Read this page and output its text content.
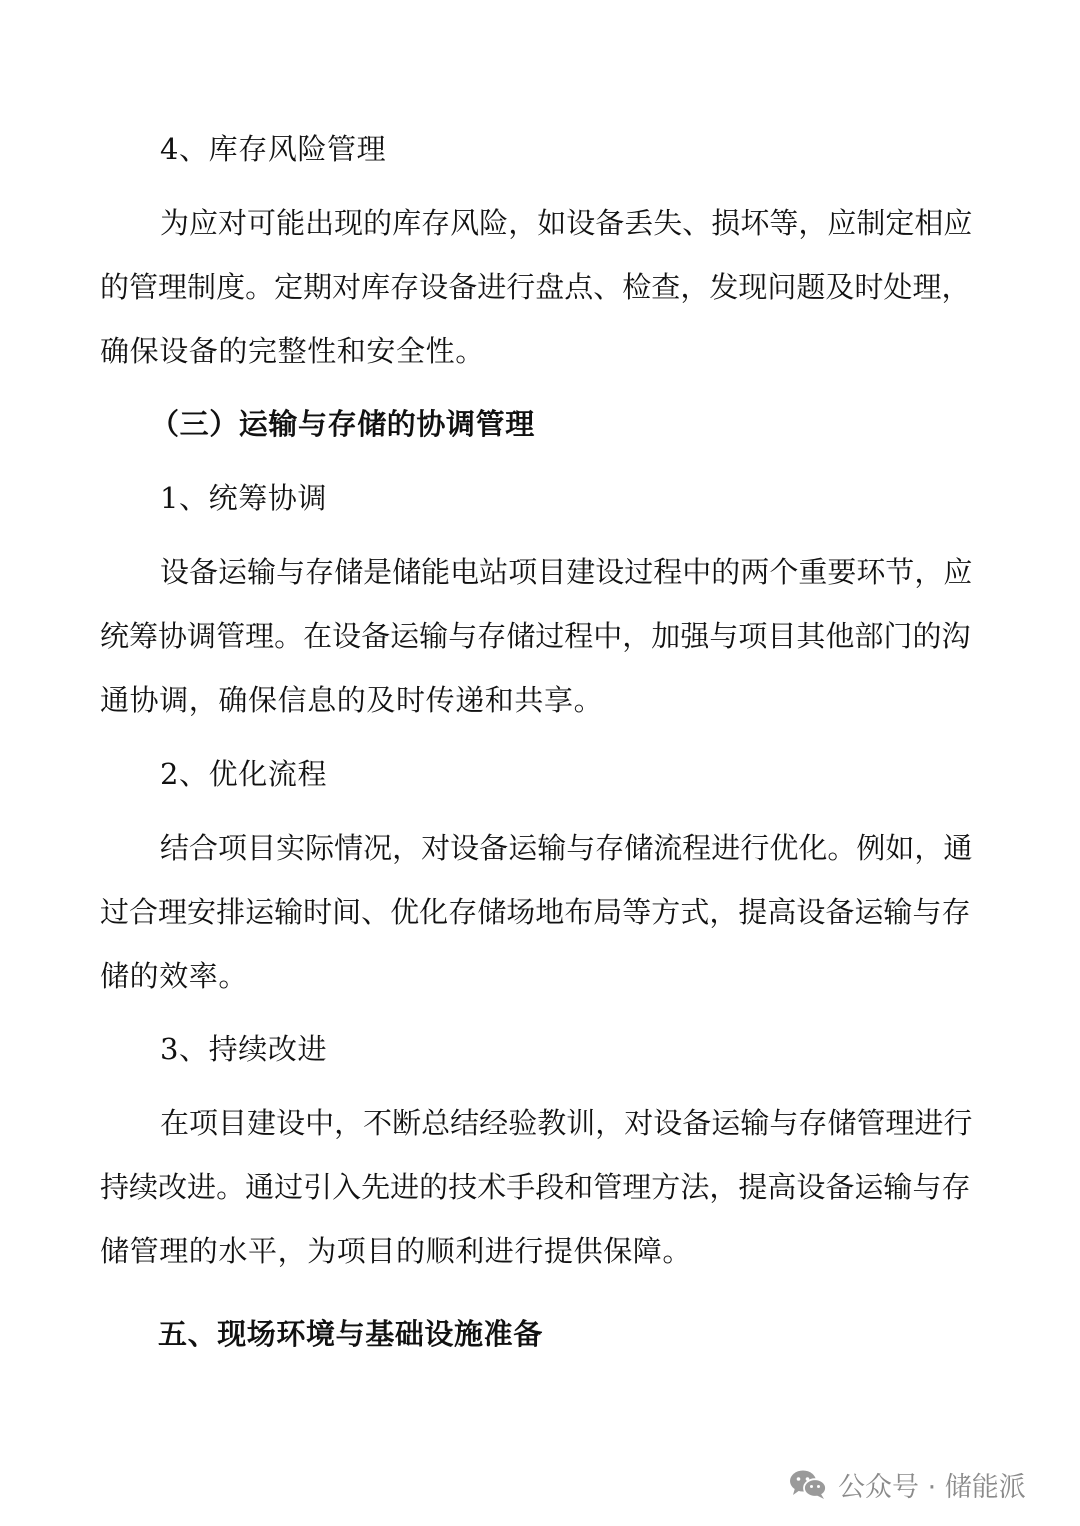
4、库存风险管理
为 应 对 可 能 出 现 的 库 存 风 险 ， 如 设 备 丢 失 、 损 坏 等 ， 应 制 定 相 应
的 管 理 制 度 。 定 期 对 库 存 设 备 进 行 盘 点 、 检 查 ， 发 现 问 题 及 时 处 理 ，
确保设备的完整性和安全性。
（三）运输与存储的协调管理
1、统筹协调
设 备 运 输 与 存 储 是 储 能 电 站 项 目 建 设 过 程 中 的 两 个 重 要 环 节 ， 应
统 筹 协 调 管 理 。 在 设 备 运 输 与 存 储 过 程 中 ， 加 强 与 项 目 其 他 部 门 的 沟
通协调，确保信息的及时传递和共享。
2、优化流程
结 合 项 目 实 际 情 况 ， 对 设 备 运 输 与 存 储 流 程 进 行 优 化 。 例 如 ， 通
过 合 理 安 排 运 输 时 间 、 优 化 存 储 场 地 布 局 等 方 式 ， 提 高 设 备 运 输 与 存
储的效率。
3、持续改进
在 项 目 建 设 中 ， 不 断 总 结 经 验 教 训 ， 对 设 备 运 输 与 存 储 管 理 进 行
持 续 改 进 。 通 过 引 入 先 进 的 技 术 手 段 和 管 理 方 法 ， 提 高 设 备 运 输 与 存
储管理的水平，为项目的顺利进行提供保障。
五、现场环境与基础设施准备
公众号 · 储能派
